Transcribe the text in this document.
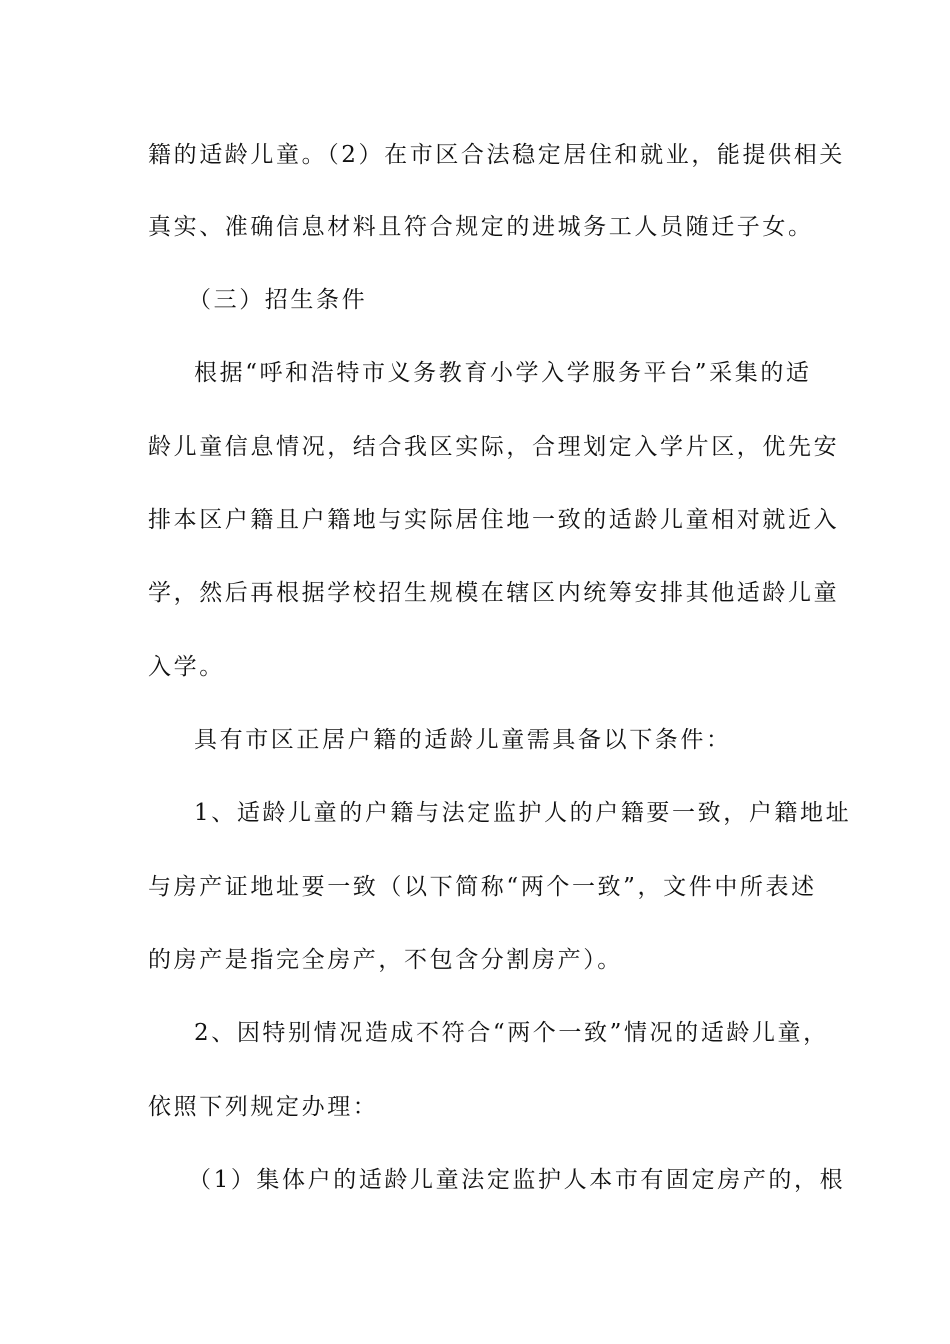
籍的适龄儿童。（2）在市区合法稳定居住和就业，能提供相关
真实、准确信息材料且符合规定的进城务工人员随迁子女。
（三）招生条件
根据“呼和浩特市义务教育小学入学服务平台”采集的适
龄儿童信息情况，结合我区实际，合理划定入学片区，优先安
排本区户籍且户籍地与实际居住地一致的适龄儿童相对就近入
学，然后再根据学校招生规模在辖区内统筹安排其他适龄儿童
入学。
具有市区正居户籍的适龄儿童需具备以下条件：
1、适龄儿童的户籍与法定监护人的户籍要一致，户籍地址
与房产证地址要一致（以下简称“两个一致”，文件中所表述
的房产是指完全房产，不包含分割房产）。
2、因特别情况造成不符合“两个一致”情况的适龄儿童，
依照下列规定办理：
（1）集体户的适龄儿童法定监护人本市有固定房产的，根
